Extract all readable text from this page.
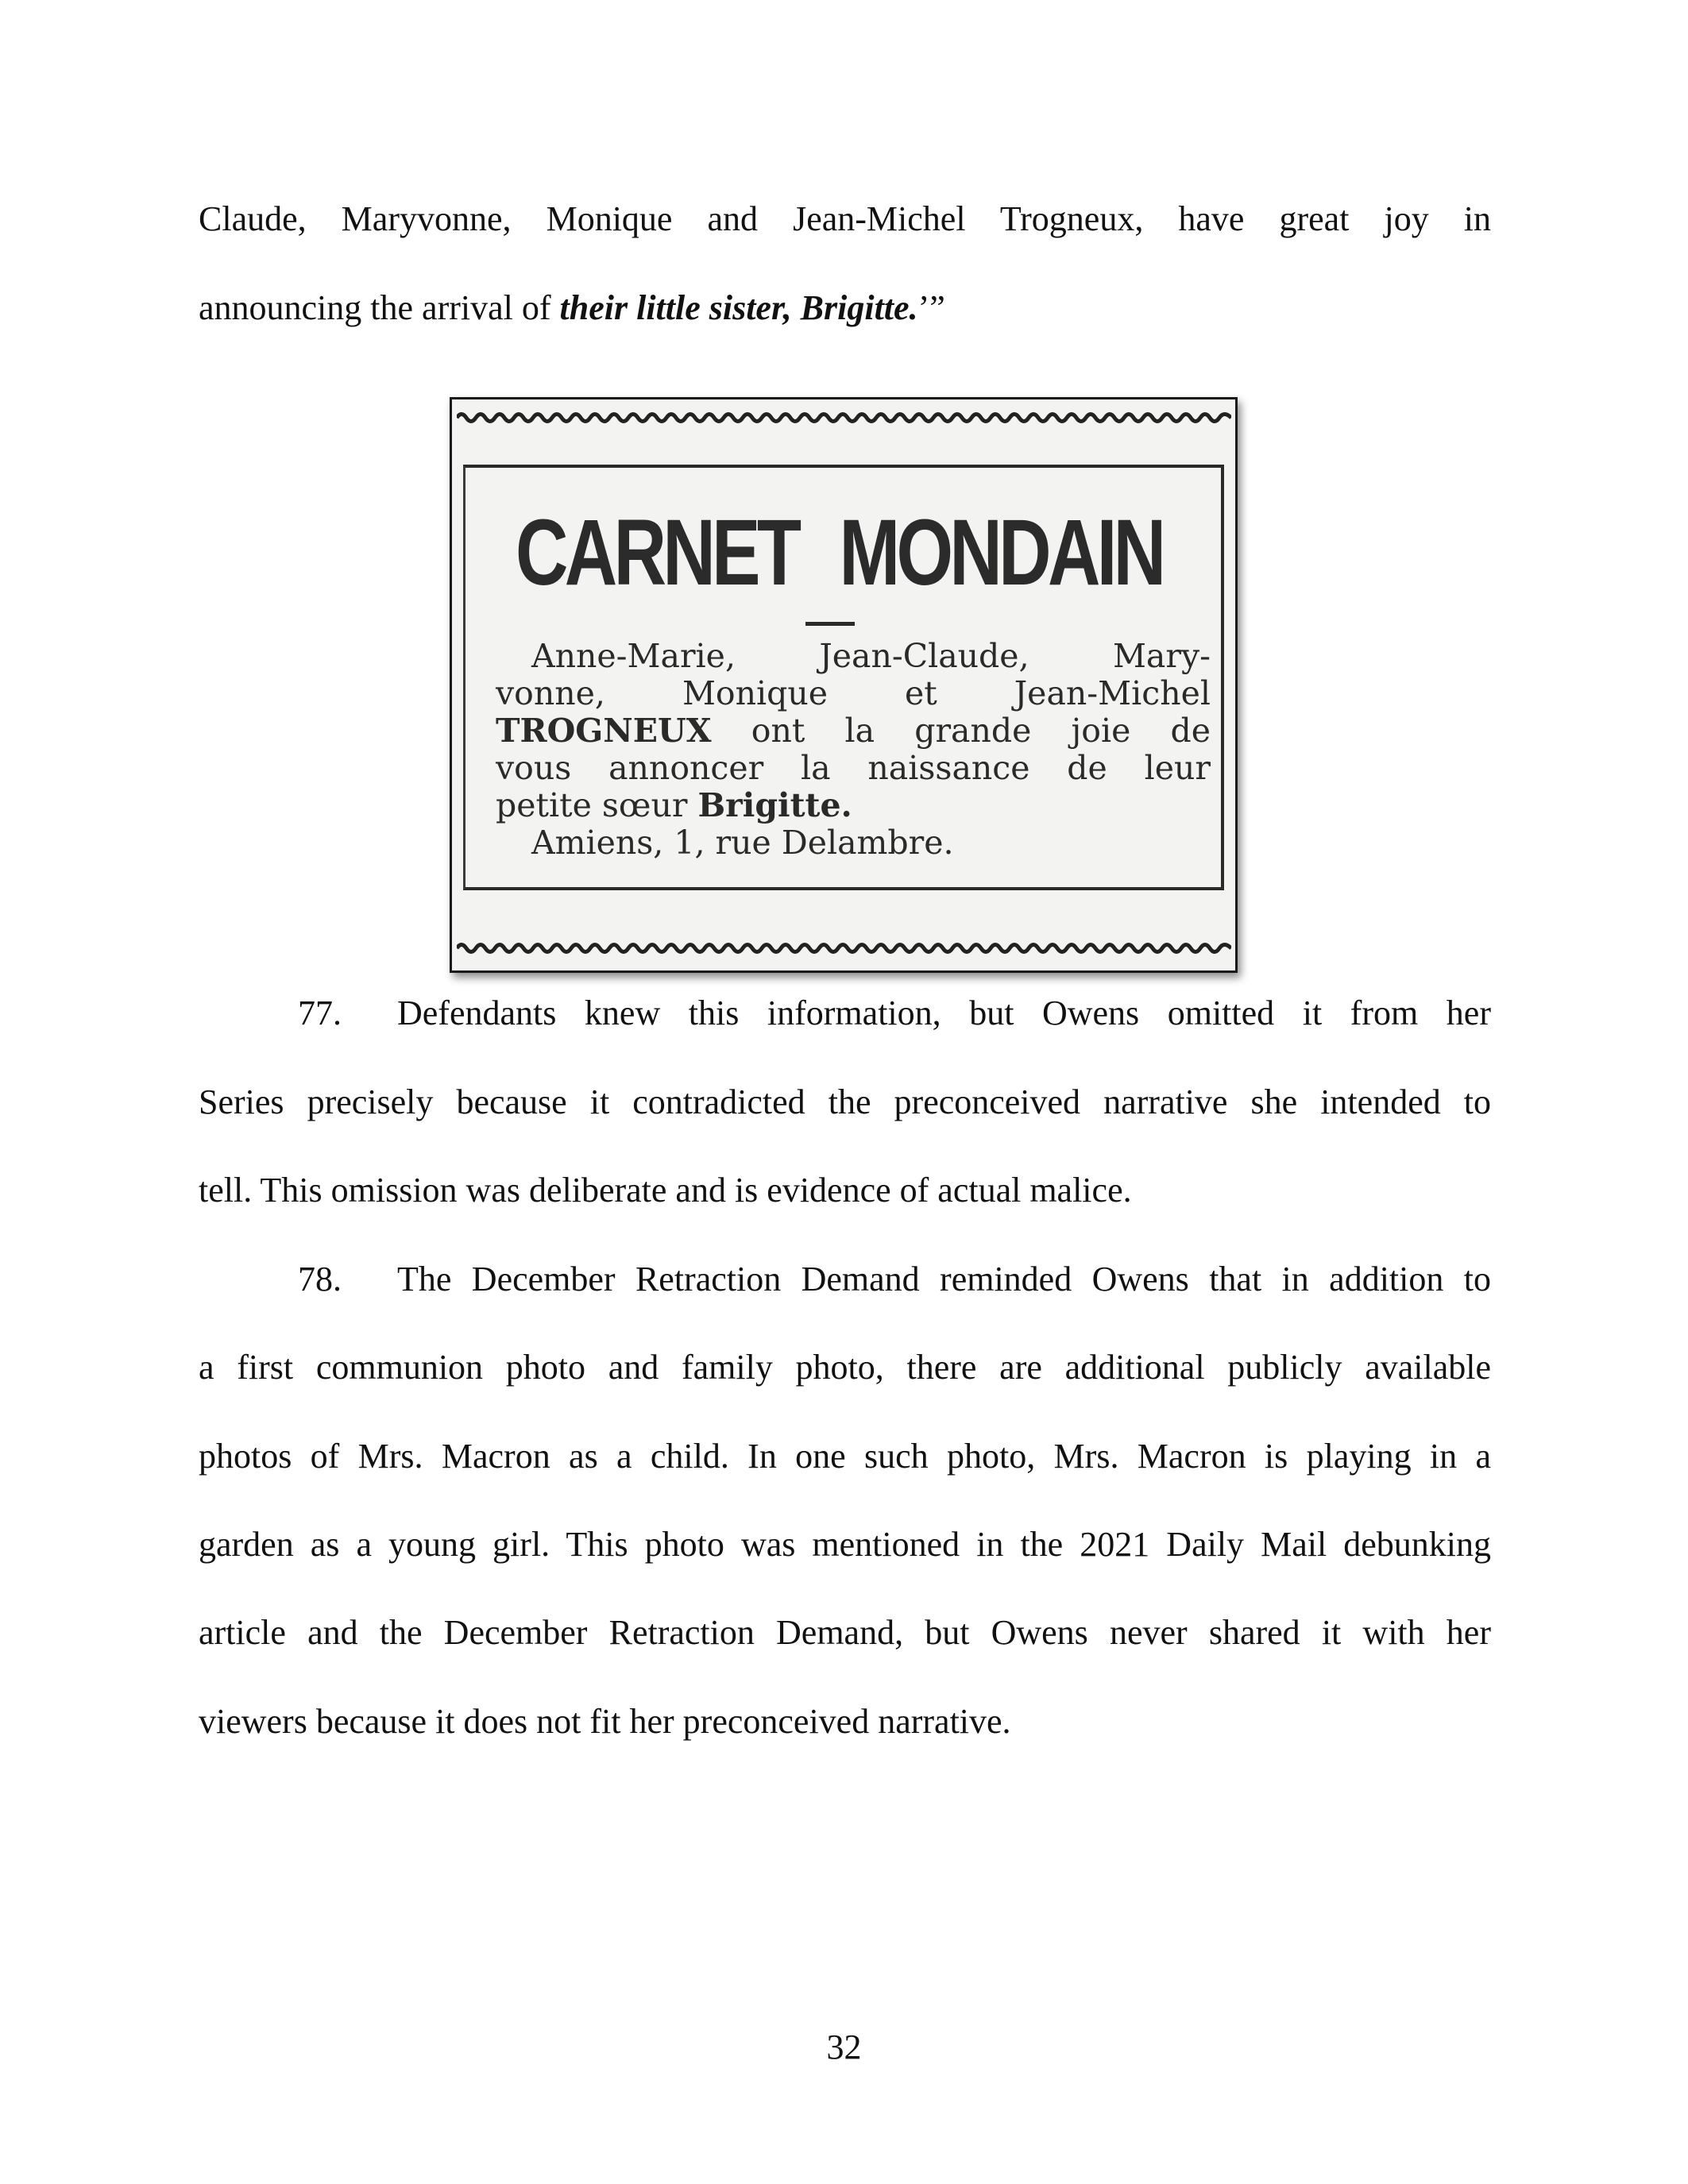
Claude, Maryvonne, Monique and Jean-Michel Trogneux, have great joy in
announcing the arrival of their little sister, Brigitte.’”
CARNET MONDAIN
Anne-Marie, Jean-Claude, Mary-
vonne, Monique et Jean-Michel
TROGNEUX ont la grande joie de
vous annoncer la naissance de leur
petite sœur Brigitte.
Amiens, 1, rue Delambre.
77. Defendants knew this information, but Owens omitted it from her
Series precisely because it contradicted the preconceived narrative she intended to
tell. This omission was deliberate and is evidence of actual malice.
78. The December Retraction Demand reminded Owens that in addition to
a first communion photo and family photo, there are additional publicly available
photos of Mrs. Macron as a child. In one such photo, Mrs. Macron is playing in a
garden as a young girl. This photo was mentioned in the 2021 Daily Mail debunking
article and the December Retraction Demand, but Owens never shared it with her
viewers because it does not fit her preconceived narrative.
32
